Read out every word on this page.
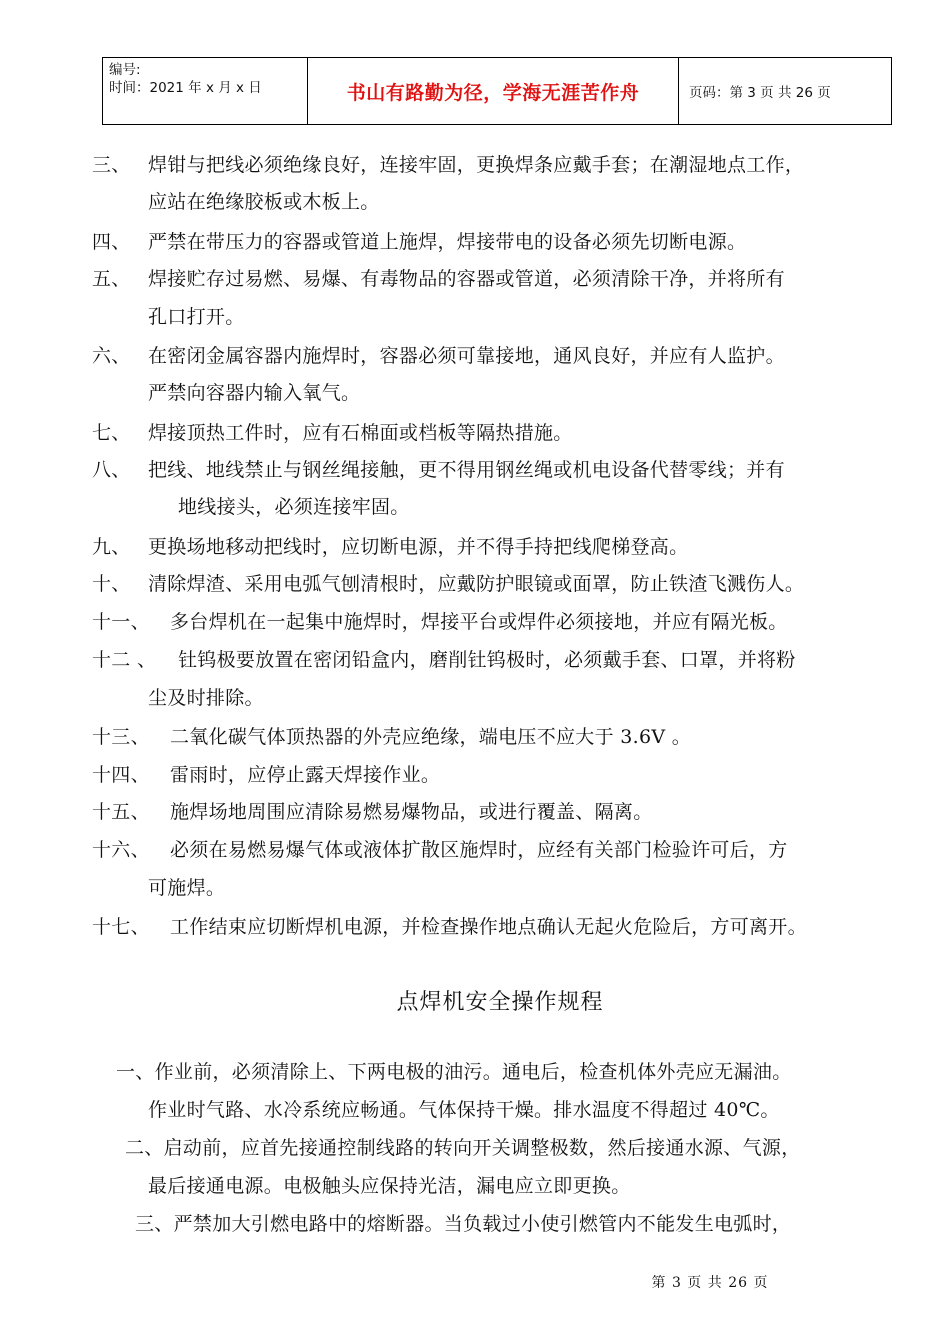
编号:
时间：2021 年 x 月 x 日	书山有路勤为径，学海无涯苦作舟	页码：第 3 页 共 26 页
三、 焊钳与把线必须绝缘良好，连接牢固，更换焊条应戴手套；在潮湿地点工作，
应站在绝缘胶板或木板上。
四、 严禁在带压力的容器或管道上施焊，焊接带电的设备必须先切断电源。
五、 焊接贮存过易燃、易爆、有毒物品的容器或管道，必须清除干净，并将所有
孔口打开。
六、 在密闭金属容器内施焊时，容器必须可靠接地，通风良好，并应有人监护。
严禁向容器内输入氧气。
七、 焊接顶热工件时，应有石棉面或档板等隔热措施。
八、 把线、地线禁止与钢丝绳接触，更不得用钢丝绳或机电设备代替零线；并有
地线接头，必须连接牢固。
九、 更换场地移动把线时，应切断电源，并不得手持把线爬梯登高。
十、 清除焊渣、采用电弧气刨清根时，应戴防护眼镜或面罩，防止铁渣飞溅伤人。
十一、 多台焊机在一起集中施焊时，焊接平台或焊件必须接地，并应有隔光板。
十二 、 钍钨极要放置在密闭铅盒内，磨削钍钨极时，必须戴手套、口罩，并将粉
尘及时排除。
十三、 二氧化碳气体顶热器的外壳应绝缘，端电压不应大于 3.6V 。
十四、 雷雨时，应停止露天焊接作业。
十五、 施焊场地周围应清除易燃易爆物品，或进行覆盖、隔离。
十六、 必须在易燃易爆气体或液体扩散区施焊时，应经有关部门检验许可后，方
可施焊。
十七、 工作结束应切断焊机电源，并检查操作地点确认无起火危险后，方可离开。
点焊机安全操作规程
一、作业前，必须清除上、下两电极的油污。通电后，检查机体外壳应无漏油。
作业时气路、水冷系统应畅通。气体保持干燥。排水温度不得超过 40℃。
二、启动前，应首先接通控制线路的转向开关调整极数，然后接通水源、气源，
最后接通电源。电极触头应保持光洁，漏电应立即更换。
三、严禁加大引燃电路中的熔断器。当负载过小使引燃管内不能发生电弧时，
第 3 页 共 26 页
